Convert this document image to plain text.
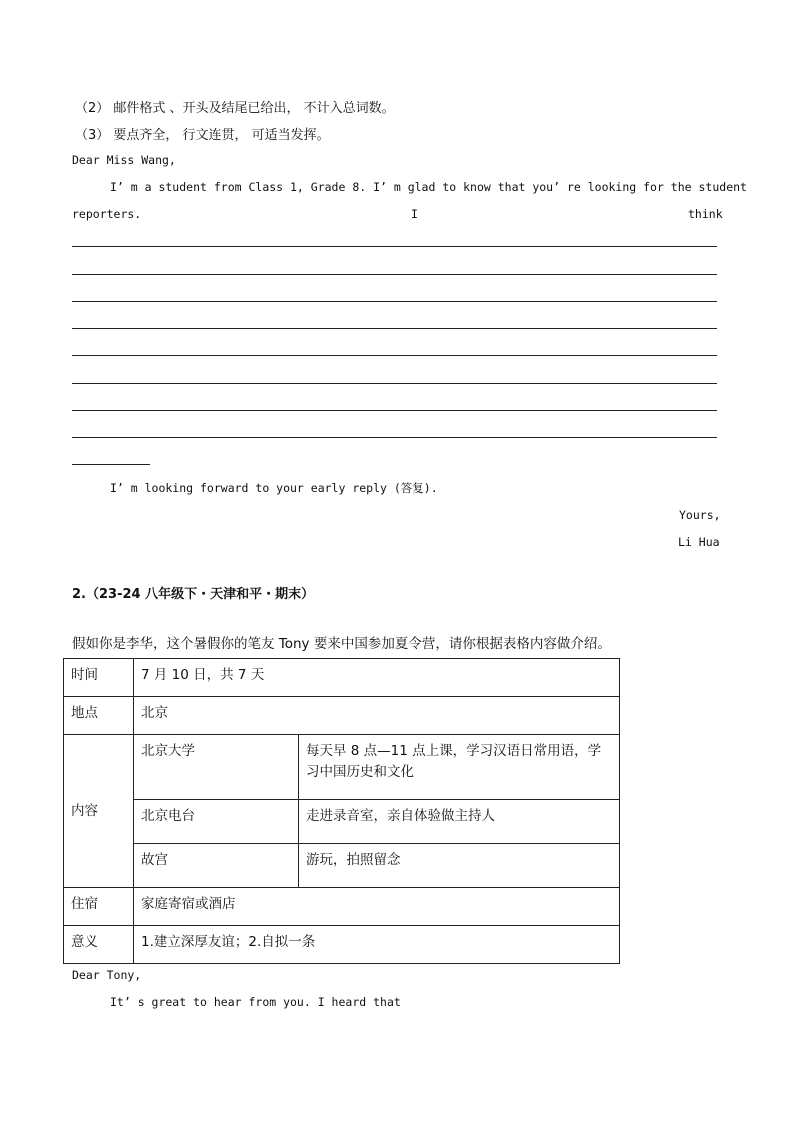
（2） 邮件格式 、开头及结尾已给出， 不计入总词数。
（3） 要点齐全， 行文连贯， 可适当发挥。
Dear Miss Wang,
I’ m a student from Class 1, Grade 8. I’ m glad to know that you’ re looking for the student
reporters.	I	think
I’ m looking forward to your early reply (答复).
Yours,
Li Hua
2.（23-24 八年级下・天津和平・期末）
假如你是李华，这个暑假你的笔友 Tony 要来中国参加夏令营，请你根据表格内容做介绍。
时间	7 月 10 日，共 7 天	
地点	北京	
内容	北京大学	每天早 8 点—11 点上课，学习汉语日常用语，学习中国历史和文化
	北京电台	走进录音室，亲自体验做主持人
	故宫	游玩，拍照留念
住宿	家庭寄宿或酒店	
意义	1.建立深厚友谊；2.自拟一条	
Dear Tony,
It’ s great to hear from you. I heard that
